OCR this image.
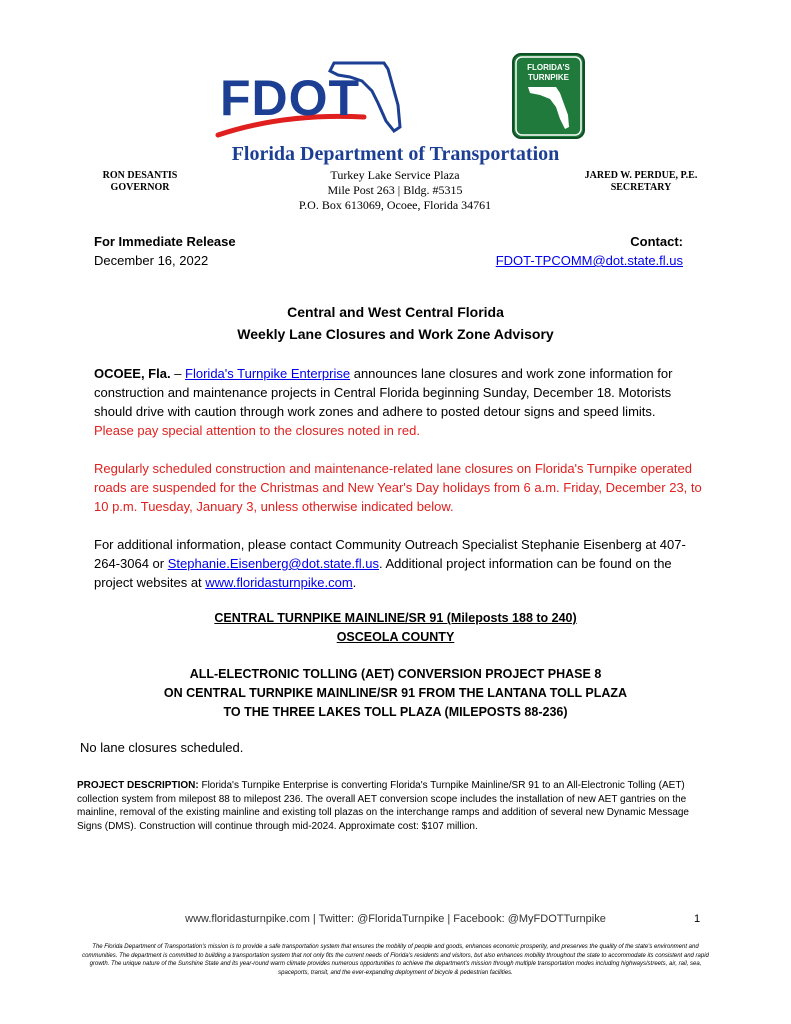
FDOT
FLORIDA'S
TURNPIKE
Florida Department of Transportation
RON DESANTIS
GOVERNOR
Turkey Lake Service Plaza
Mile Post 263 | Bldg. #5315
P.O. Box 613069, Ocoee, Florida 34761
JARED W. PERDUE, P.E.
SECRETARY
For Immediate Release
December 16, 2022
Contact:
FDOT-TPCOMM@dot.state.fl.us
Central and West Central Florida
Weekly Lane Closures and Work Zone Advisory
OCOEE, Fla. – Florida's Turnpike Enterprise announces lane closures and work zone information for construction and maintenance projects in Central Florida beginning Sunday, December 18. Motorists should drive with caution through work zones and adhere to posted detour signs and speed limits.
Please pay special attention to the closures noted in red.
Regularly scheduled construction and maintenance-related lane closures on Florida's Turnpike operated roads are suspended for the Christmas and New Year's Day holidays from 6 a.m. Friday, December 23, to 10 p.m. Tuesday, January 3, unless otherwise indicated below.
For additional information, please contact Community Outreach Specialist Stephanie Eisenberg at 407-264-3064 or Stephanie.Eisenberg@dot.state.fl.us. Additional project information can be found on the project websites at www.floridasturnpike.com.
CENTRAL TURNPIKE MAINLINE/SR 91 (Mileposts 188 to 240)
OSCEOLA COUNTY
ALL-ELECTRONIC TOLLING (AET) CONVERSION PROJECT PHASE 8
ON CENTRAL TURNPIKE MAINLINE/SR 91 FROM THE LANTANA TOLL PLAZA
TO THE THREE LAKES TOLL PLAZA (MILEPOSTS 88-236)
No lane closures scheduled.
PROJECT DESCRIPTION: Florida's Turnpike Enterprise is converting Florida's Turnpike Mainline/SR 91 to an All-Electronic Tolling (AET) collection system from milepost 88 to milepost 236. The overall AET conversion scope includes the installation of new AET gantries on the mainline, removal of the existing mainline and existing toll plazas on the interchange ramps and addition of several new Dynamic Message Signs (DMS). Construction will continue through mid-2024. Approximate cost: $107 million.
www.floridasturnpike.com | Twitter: @FloridaTurnpike | Facebook: @MyFDOTTurnpike	1
The Florida Department of Transportation's mission is to provide a safe transportation system that ensures the mobility of people and goods, enhances economic prosperity, and preserves the quality of the state's environment and communities. The department is committed to building a transportation system that not only fits the current needs of Florida's residents and visitors, but also enhances mobility throughout the state to accommodate its consistent and rapid growth. The unique nature of the Sunshine State and its year-round warm climate provides numerous opportunities to achieve the department's mission through multiple transportation modes including highways/streets, air, rail, sea, spaceports, transit, and the ever-expanding deployment of bicycle & pedestrian facilities.
